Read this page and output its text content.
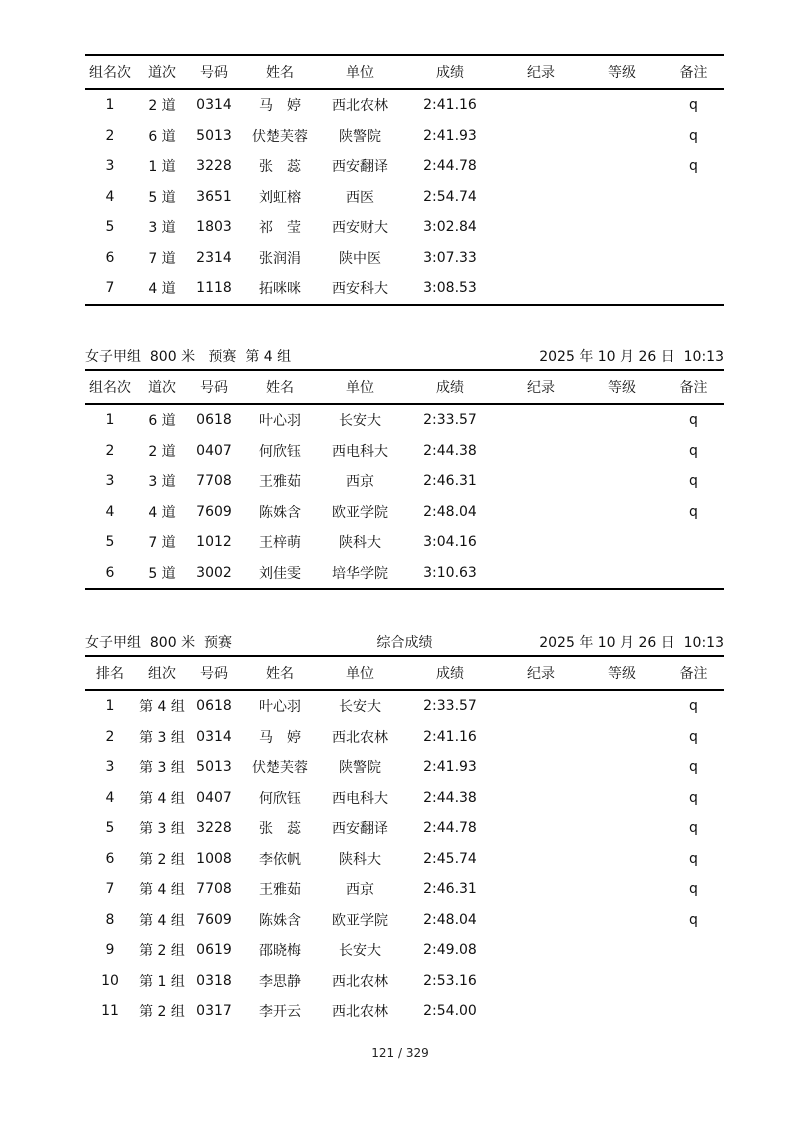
组名次	道次	号码	姓名	单位	成绩	纪录	等级	备注
1	2 道	0314	马　婷	西北农林	2:41.16			q
2	6 道	5013	伏楚芙蓉	陕警院	2:41.93			q
3	1 道	3228	张　蕊	西安翻译	2:44.78			q
4	5 道	3651	刘虹榕	西医	2:54.74			
5	3 道	1803	祁　莹	西安财大	3:02.84			
6	7 道	2314	张润涓	陕中医	3:07.33			
7	4 道	1118	拓咪咪	西安科大	3:08.53			
女子甲组  800 米   预赛  第 4 组	2025 年 10 月 26 日  10:13
组名次	道次	号码	姓名	单位	成绩	纪录	等级	备注
1	6 道	0618	叶心羽	长安大	2:33.57			q
2	2 道	0407	何欣钰	西电科大	2:44.38			q
3	3 道	7708	王雅茹	西京	2:46.31			q
4	4 道	7609	陈姝含	欧亚学院	2:48.04			q
5	7 道	1012	王梓萌	陕科大	3:04.16			
6	5 道	3002	刘佳雯	培华学院	3:10.63			
女子甲组  800 米  预赛	综合成绩	2025 年 10 月 26 日  10:13
排名	组次	号码	姓名	单位	成绩	纪录	等级	备注
1	第 4 组	0618	叶心羽	长安大	2:33.57			q
2	第 3 组	0314	马　婷	西北农林	2:41.16			q
3	第 3 组	5013	伏楚芙蓉	陕警院	2:41.93			q
4	第 4 组	0407	何欣钰	西电科大	2:44.38			q
5	第 3 组	3228	张　蕊	西安翻译	2:44.78			q
6	第 2 组	1008	李依帆	陕科大	2:45.74			q
7	第 4 组	7708	王雅茹	西京	2:46.31			q
8	第 4 组	7609	陈姝含	欧亚学院	2:48.04			q
9	第 2 组	0619	邵晓梅	长安大	2:49.08			
10	第 1 组	0318	李思静	西北农林	2:53.16			
11	第 2 组	0317	李开云	西北农林	2:54.00			
121 / 329
